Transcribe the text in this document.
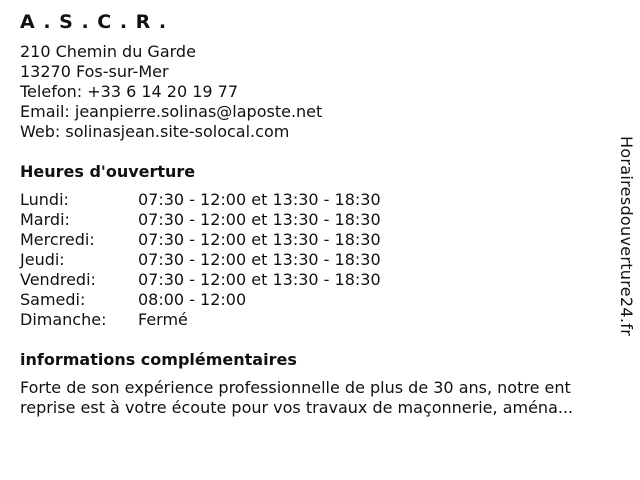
A . S . C . R .
210 Chemin du Garde
13270 Fos-sur-Mer
Telefon: +33 6 14 20 19 77
Email: jeanpierre.solinas@laposte.net
Web: solinasjean.site-solocal.com
Heures d'ouverture
Lundi:	07:30 - 12:00 et 13:30 - 18:30
Mardi:	07:30 - 12:00 et 13:30 - 18:30
Mercredi:	07:30 - 12:00 et 13:30 - 18:30
Jeudi:	07:30 - 12:00 et 13:30 - 18:30
Vendredi:	07:30 - 12:00 et 13:30 - 18:30
Samedi:	08:00 - 12:00
Dimanche:	Fermé
informations complémentaires
Forte de son expérience professionnelle de plus de 30 ans, notre ent
reprise est à votre écoute pour vos travaux de maçonnerie, aména...
Horairesdouverture24.fr
